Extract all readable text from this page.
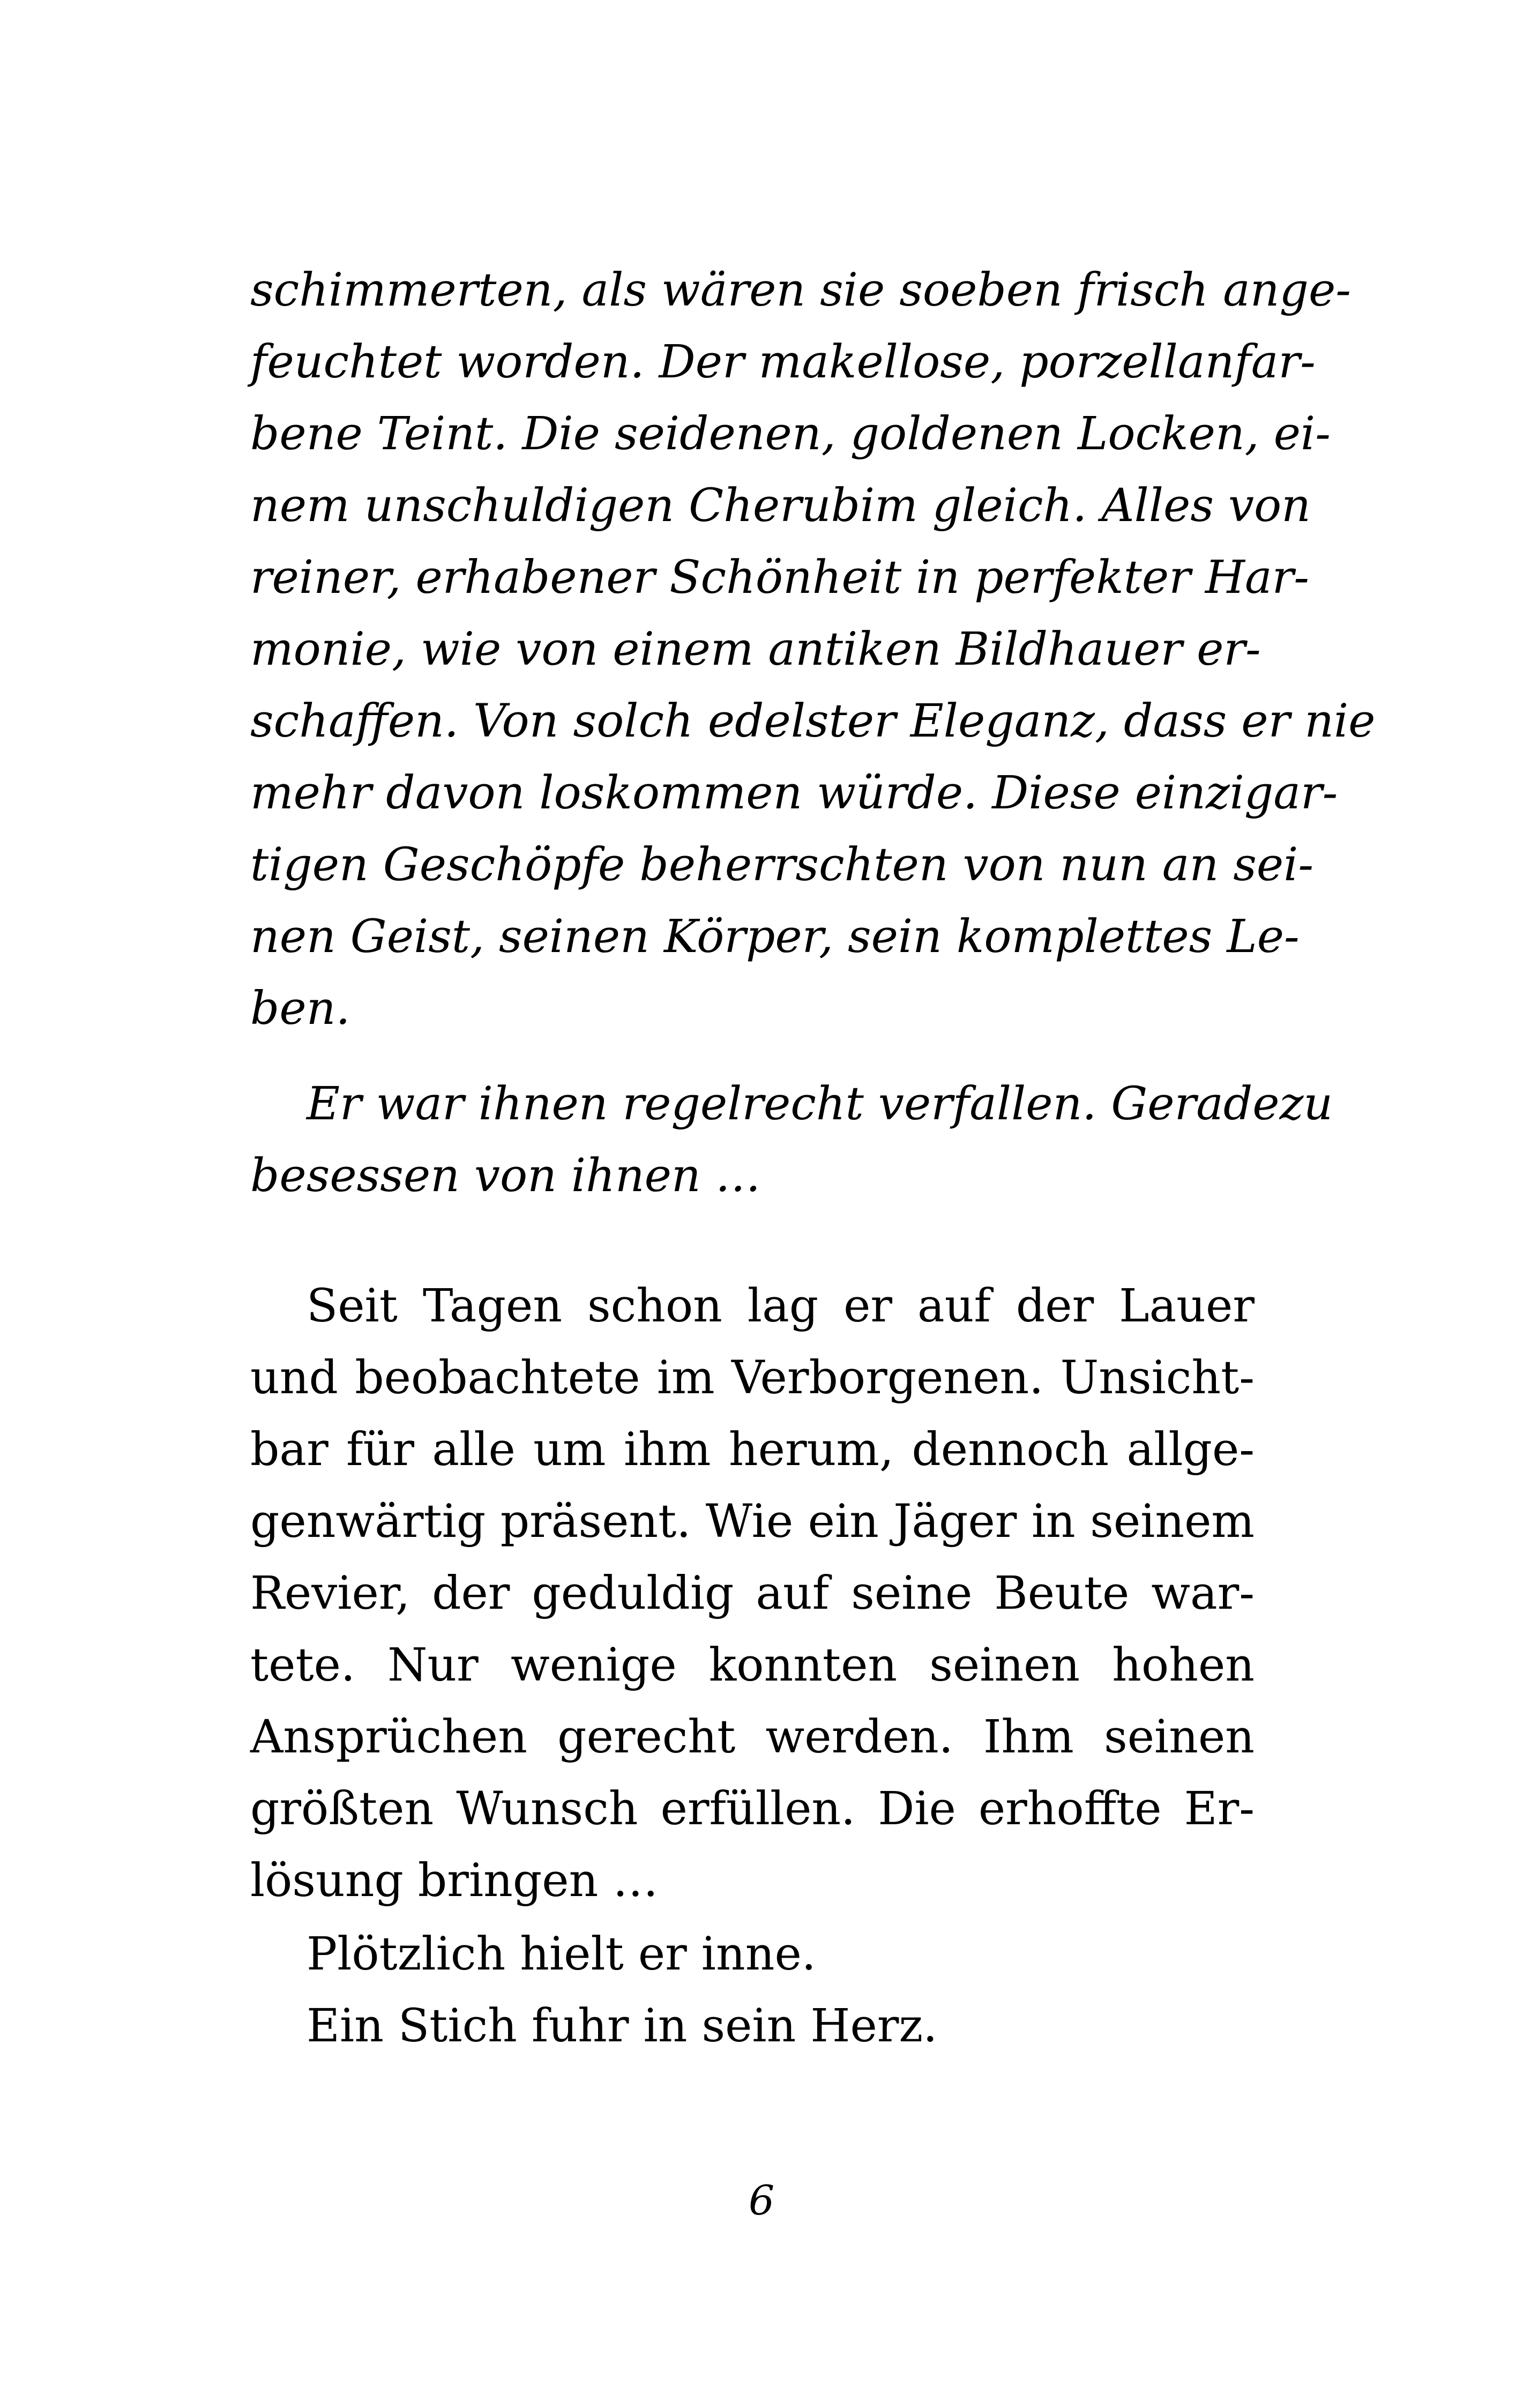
schimmerten, als wären sie soeben frisch ange-
feuchtet worden. Der makellose, porzellanfar-
bene Teint. Die seidenen, goldenen Locken, ei-
nem unschuldigen Cherubim gleich. Alles von
reiner, erhabener Schönheit in perfekter Har-
monie, wie von einem antiken Bildhauer er-
schaffen. Von solch edelster Eleganz, dass er nie
mehr davon loskommen würde. Diese einzigar-
tigen Geschöpfe beherrschten von nun an sei-
nen Geist, seinen Körper, sein komplettes Le-
ben.
Er war ihnen regelrecht verfallen. Geradezu
besessen von ihnen …
Seit Tagen schon lag er auf der Lauer
und beobachtete im Verborgenen. Unsicht-
bar für alle um ihm herum, dennoch allge-
genwärtig präsent. Wie ein Jäger in seinem
Revier, der geduldig auf seine Beute war-
tete. Nur wenige konnten seinen hohen
Ansprüchen gerecht werden. Ihm seinen
größten Wunsch erfüllen. Die erhoffte Er-
lösung bringen …
Plötzlich hielt er inne.
Ein Stich fuhr in sein Herz.
6
